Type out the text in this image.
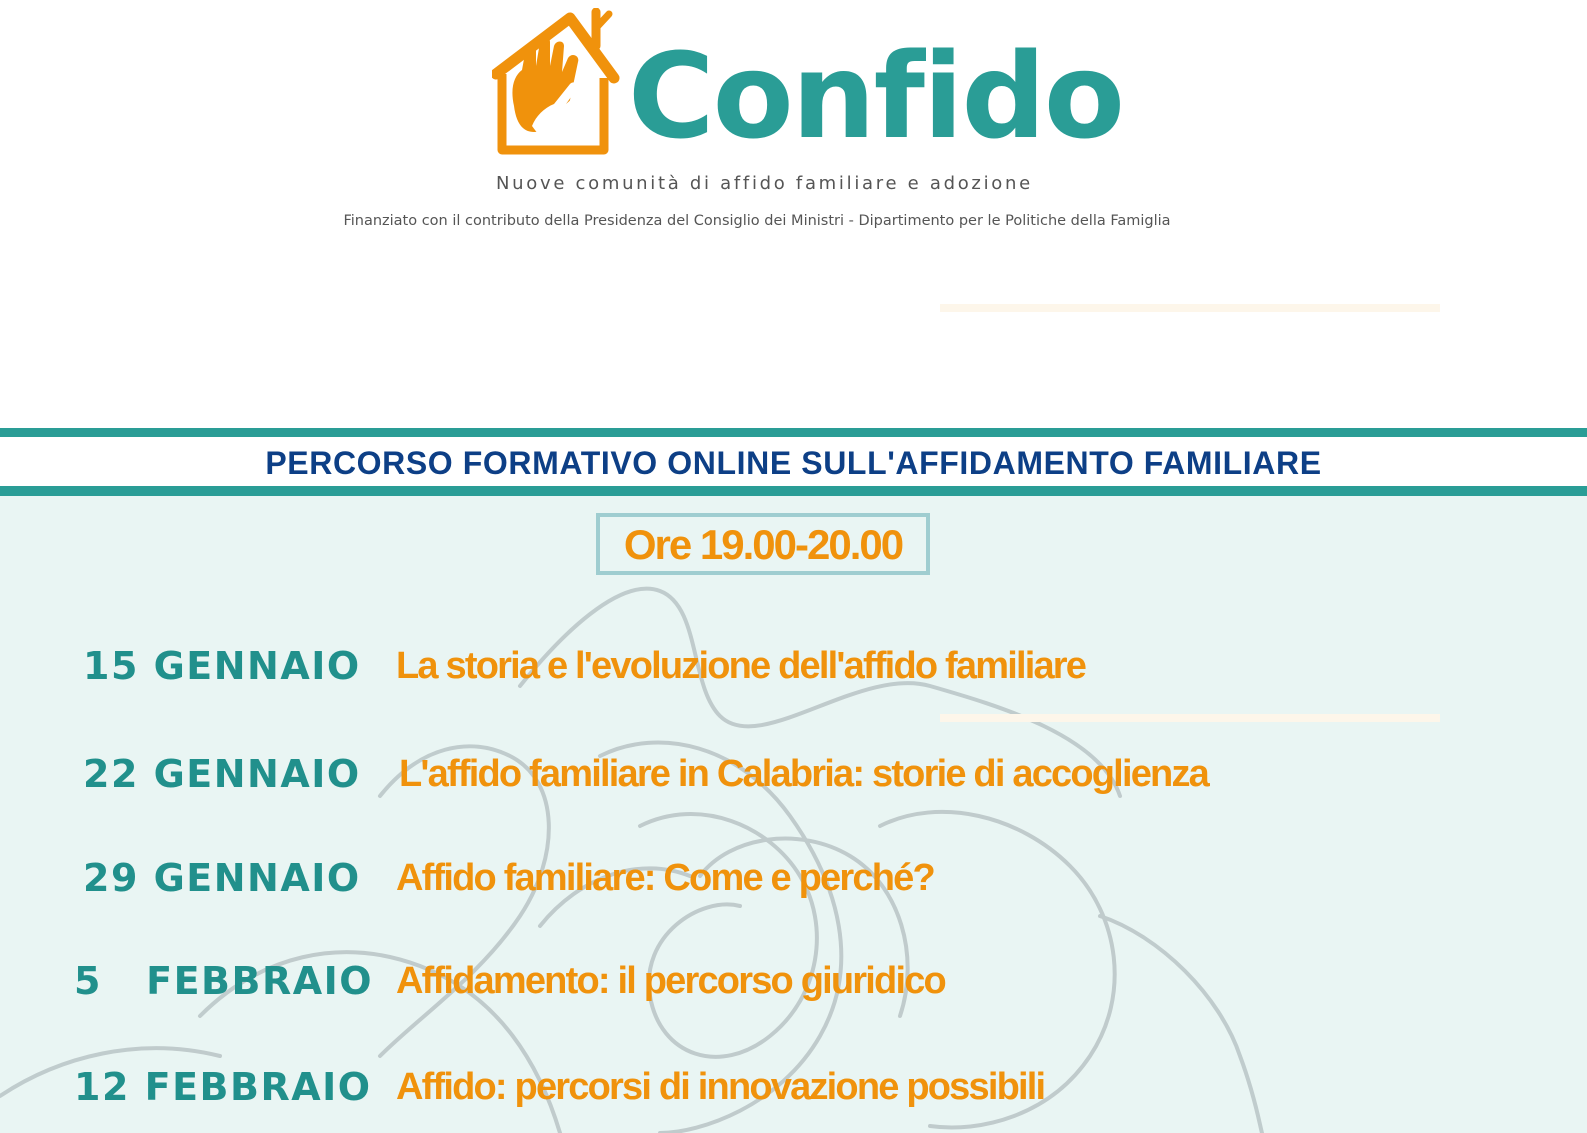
Confido
Nuove comunità di affido familiare e adozione
Finanziato con il contributo della Presidenza del Consiglio dei Ministri - Dipartimento per le Politiche della Famiglia
PERCORSO FORMATIVO ONLINE SULL'AFFIDAMENTO FAMILIARE
Ore 19.00-20.00
15 GENNAIO La storia e l'evoluzione dell'affido familiare
22 GENNAIO L'affido familiare in Calabria: storie di accoglienza
29 GENNAIO Affido familiare: Come e perché?
5   FEBBRAIO Affidamento: il percorso giuridico
12 FEBBRAIO Affido: percorsi di innovazione possibili
